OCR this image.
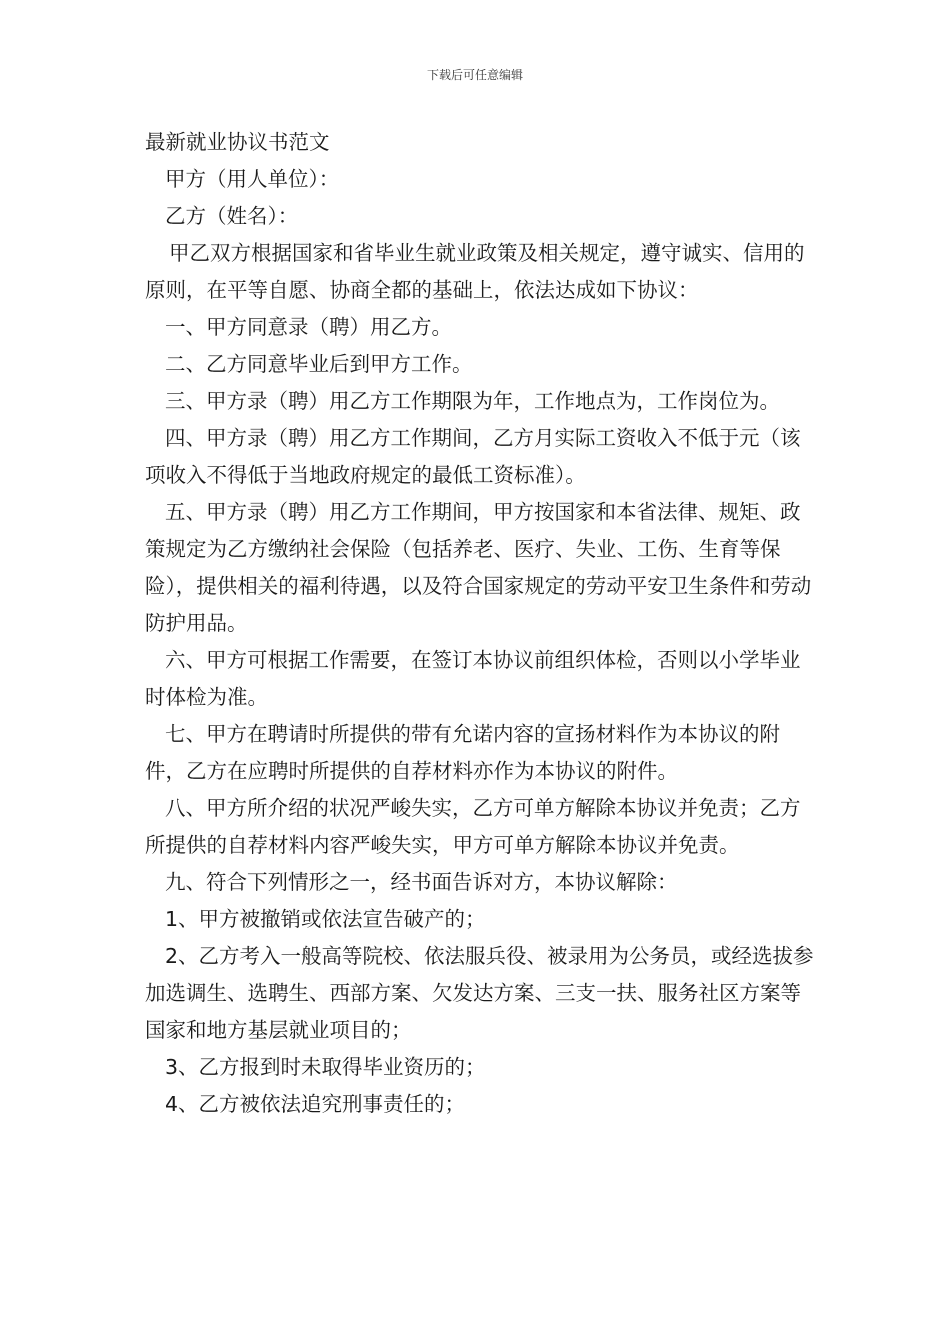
下载后可任意编辑
最新就业协议书范文

甲方（用人单位）：

乙方（姓名）：

甲乙双方根据国家和省毕业生就业政策及相关规定，遵守诚实、信用的原则，在平等自愿、协商全都的基础上，依法达成如下协议：

一、甲方同意录（聘）用乙方。

二、乙方同意毕业后到甲方工作。

三、甲方录（聘）用乙方工作期限为年，工作地点为，工作岗位为。

四、甲方录（聘）用乙方工作期间，乙方月实际工资收入不低于元（该项收入不得低于当地政府规定的最低工资标准）。

五、甲方录（聘）用乙方工作期间，甲方按国家和本省法律、规矩、政策规定为乙方缴纳社会保险（包括养老、医疗、失业、工伤、生育等保险），提供相关的福利待遇，以及符合国家规定的劳动平安卫生条件和劳动防护用品。

六、甲方可根据工作需要，在签订本协议前组织体检，否则以小学毕业时体检为准。

七、甲方在聘请时所提供的带有允诺内容的宣扬材料作为本协议的附件，乙方在应聘时所提供的自荐材料亦作为本协议的附件。

八、甲方所介绍的状况严峻失实，乙方可单方解除本协议并免责；乙方所提供的自荐材料内容严峻失实，甲方可单方解除本协议并免责。

九、符合下列情形之一，经书面告诉对方，本协议解除：

1、甲方被撤销或依法宣告破产的；

2、乙方考入一般高等院校、依法服兵役、被录用为公务员，或经选拔参加选调生、选聘生、西部方案、欠发达方案、三支一扶、服务社区方案等国家和地方基层就业项目的；

3、乙方报到时未取得毕业资历的；

4、乙方被依法追究刑事责任的；
